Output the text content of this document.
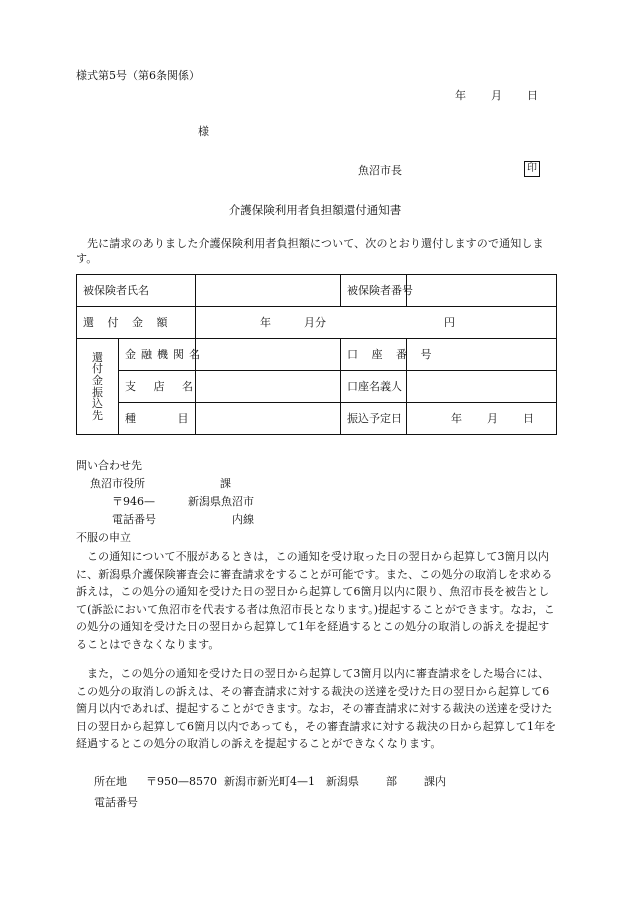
様式第5号（第6条関係）
年 月 日
様
魚沼市長	印
介護保険利用者負担額還付通知書
先に請求のありました介護保険利用者負担額について、次のとおり還付しますので通知します。
被保険者氏名			被保険者番号	
還 付 金 額		年 月分 円		
還付金振込先	金融機関名		口 座 番 号	
	支 店 名		口座名義人	
	種 目		振込予定日	年 月 日
問い合わせ先
魚沼市役所	課
〒946—	新潟県魚沼市
電話番号	内線
不服の申立
この通知について不服があるときは，この通知を受け取った日の翌日から起算して3箇月以内に、新潟県介護保険審査会に審査請求をすることが可能です。また、この処分の取消しを求める訴えは，この処分の通知を受けた日の翌日から起算して6箇月以内に限り、魚沼市長を被告として(訴訟において魚沼市を代表する者は魚沼市長となります。)提起することができます。なお，この処分の通知を受けた日の翌日から起算して1年を経過するとこの処分の取消しの訴えを提起することはできなくなります。
また，この処分の通知を受けた日の翌日から起算して3箇月以内に審査請求をした場合には、この処分の取消しの訴えは、その審査請求に対する裁決の送達を受けた日の翌日から起算して6箇月以内であれば、提起することができます。なお，その審査請求に対する裁決の送達を受けた日の翌日から起算して6箇月以内であっても，その審査請求に対する裁決の日から起算して1年を経過するとこの処分の取消しの訴えを提起することができなくなります。
所在地 〒950—8570 新潟市新光町4—1 新潟県 部 課内
電話番号
